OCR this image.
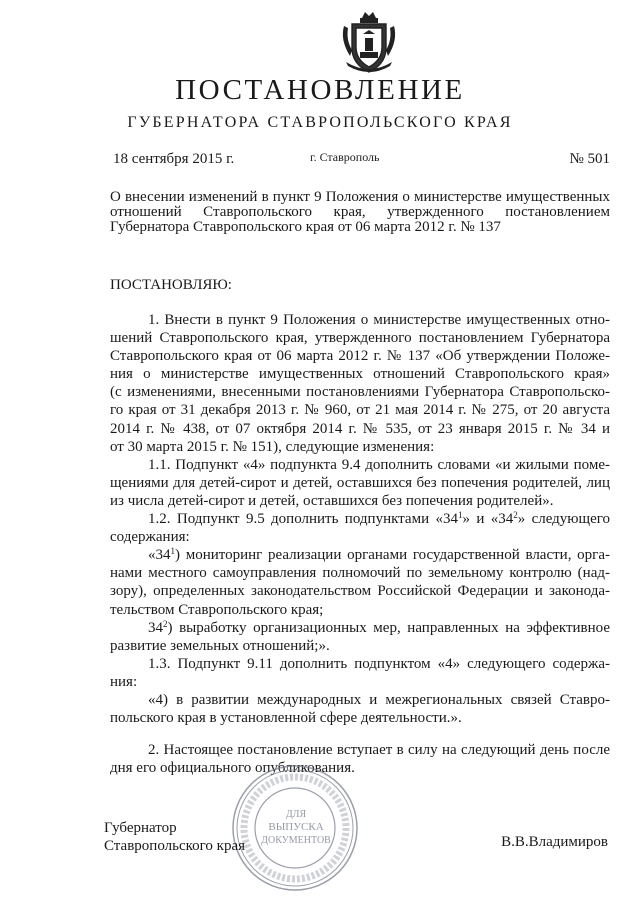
ПОСТАНОВЛЕНИЕ
ГУБЕРНАТОРА СТАВРОПОЛЬСКОГО КРАЯ
18 сентября 2015 г.	г. Ставрополь	№ 501
О внесении изменений в пункт 9 Положения о министерстве имущественных отношений Ставропольского края, утвержденного постановлением Губернатора Ставропольского края от 06 марта 2012 г. № 137
ПОСТАНОВЛЯЮ:
1. Внести в пункт 9 Положения о министерстве имущественных отно-
шений Ставропольского края, утвержденного постановлением Губернатора
Ставропольского края от 06 марта 2012 г. № 137 «Об утверждении Положе-
ния о министерстве имущественных отношений Ставропольского края»
(с изменениями, внесенными постановлениями Губернатора Ставропольско-
го края от 31 декабря 2013 г. № 960, от 21 мая 2014 г. № 275, от 20 августа
2014 г. № 438, от 07 октября 2014 г. № 535, от 23 января 2015 г. № 34 и
от 30 марта 2015 г. № 151), следующие изменения:
1.1. Подпункт «4» подпункта 9.4 дополнить словами «и жилыми поме-
щениями для детей-сирот и детей, оставшихся без попечения родителей, лиц
из числа детей-сирот и детей, оставшихся без попечения родителей».
1.2. Подпункт 9.5 дополнить подпунктами «$34^1$» и «$34^2$» следующего
содержания:
«$34^1$) мониторинг реализации органами государственной власти, орга-
нами местного самоуправления полномочий по земельному контролю (над-
зору), определенных законодательством Российской Федерации и законода-
тельством Ставропольского края;
$34^2$) выработку организационных мер, направленных на эффективное
развитие земельных отношений;».
1.3. Подпункт 9.11 дополнить подпунктом «4» следующего содержа-
ния:
«4) в развитии международных и межрегиональных связей Ставро-
польского края в установленной сфере деятельности.».
2. Настоящее постановление вступает в силу на следующий день после
дня его официального опубликования.
ДЛЯ
ВЫПУСКА
ДОКУМЕНТОВ
Губернатор
Ставропольского края	В.В.Владимиров
